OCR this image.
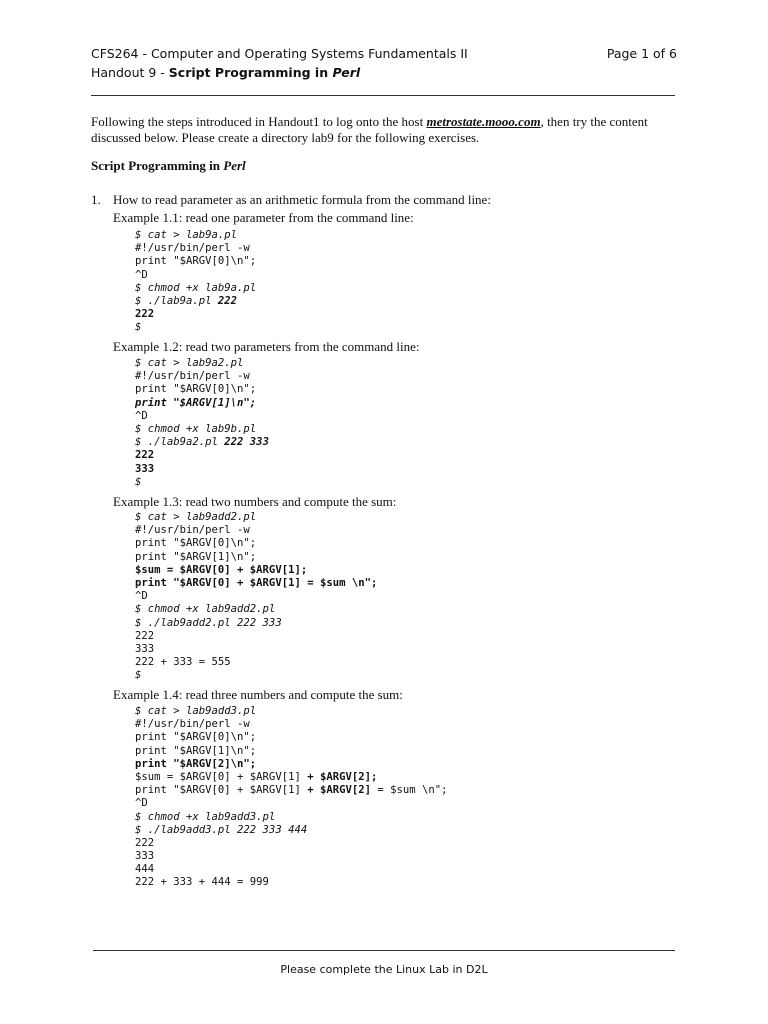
CFS264 - Computer and Operating Systems Fundamentals II	Page 1 of 6
Handout 9 - Script Programming in Perl
Following the steps introduced in Handout1 to log onto the host metrostate.mooo.com, then try the content discussed below. Please create a directory lab9 for the following exercises.
Script Programming in Perl
1. How to read parameter as an arithmetic formula from the command line:
Example 1.1: read one parameter from the command line:
$ cat > lab9a.pl
#!/usr/bin/perl -w
print "$ARGV[0]\n";
^D
$ chmod +x lab9a.pl
$ ./lab9a.pl 222
222
$
Example 1.2: read two parameters from the command line:
$ cat > lab9a2.pl
#!/usr/bin/perl -w
print "$ARGV[0]\n";
print "$ARGV[1]\n";
^D
$ chmod +x lab9b.pl
$ ./lab9a2.pl 222 333
222
333
$
Example 1.3: read two numbers and compute the sum:
$ cat > lab9add2.pl
#!/usr/bin/perl -w
print "$ARGV[0]\n";
print "$ARGV[1]\n";
$sum = $ARGV[0] + $ARGV[1];
print "$ARGV[0] + $ARGV[1] = $sum \n";
^D
$ chmod +x lab9add2.pl
$ ./lab9add2.pl 222 333
222
333
222 + 333 = 555
$
Example 1.4: read three numbers and compute the sum:
$ cat > lab9add3.pl
#!/usr/bin/perl -w
print "$ARGV[0]\n";
print "$ARGV[1]\n";
print "$ARGV[2]\n";
$sum = $ARGV[0] + $ARGV[1] + $ARGV[2];
print "$ARGV[0] + $ARGV[1] + $ARGV[2] = $sum \n";
^D
$ chmod +x lab9add3.pl
$ ./lab9add3.pl 222 333 444
222
333
444
222 + 333 + 444 = 999
Please complete the Linux Lab in D2L
